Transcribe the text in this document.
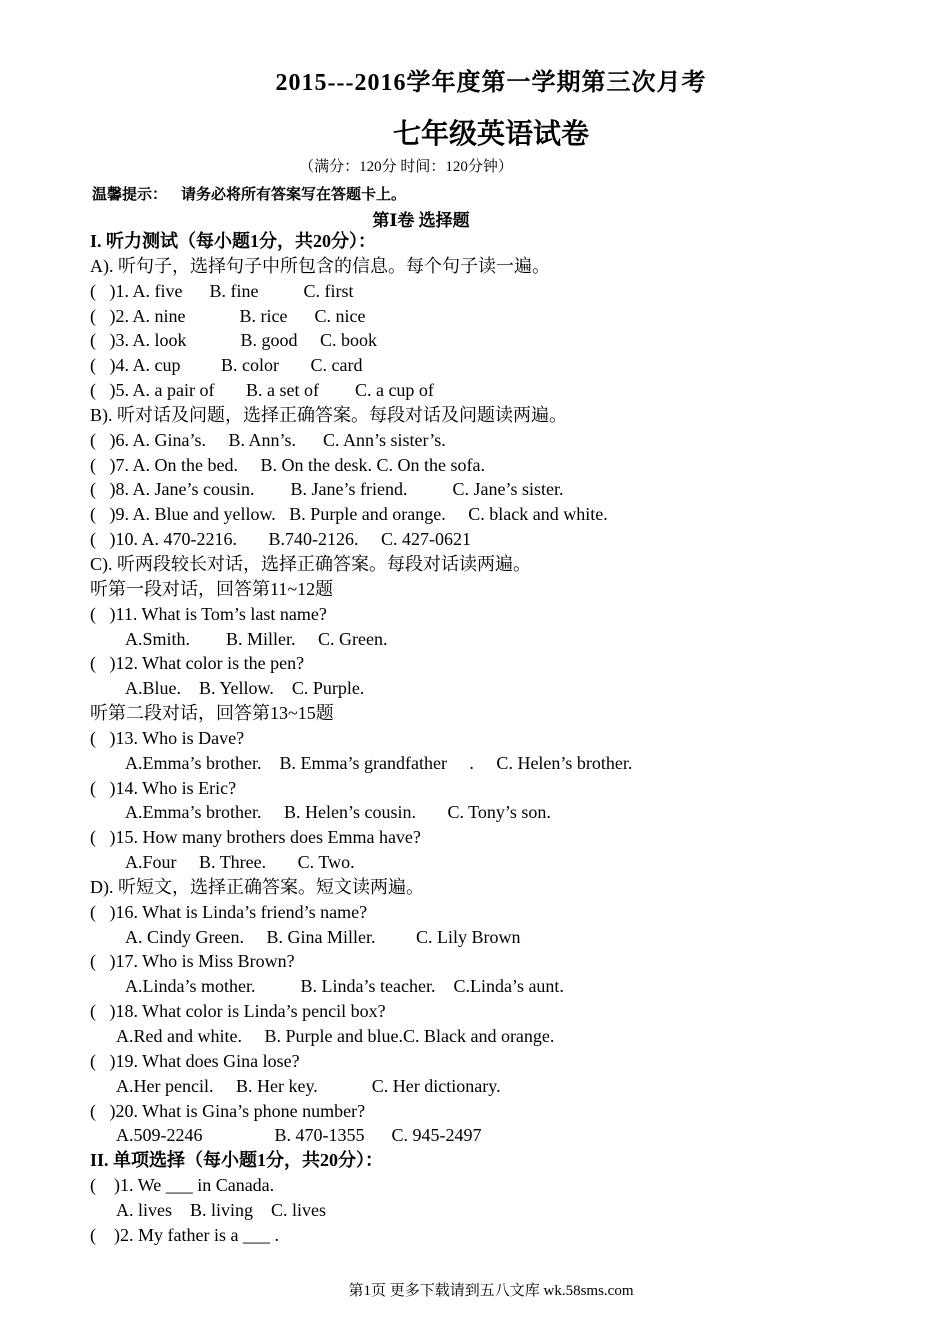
2015---2016学年度第一学期第三次月考
七年级英语试卷
（满分：120分 时间：120分钟）
温馨提示： 请务必将所有答案写在答题卡上。
第Ⅰ卷 选择题
I. 听力测试（每小题1分，共20分）：
A). 听句子，选择句子中所包含的信息。每个句子读一遍。
(   )1. A. five      B. fine          C. first
(   )2. A. nine            B. rice      C. nice
(   )3. A. look            B. good     C. book
(   )4. A. cup         B. color       C. card
(   )5. A. a pair of       B. a set of        C. a cup of
B). 听对话及问题，选择正确答案。每段对话及问题读两遍。
(   )6. A. Gina’s.     B. Ann’s.      C. Ann’s sister’s.
(   )7. A. On the bed.     B. On the desk. C. On the sofa.
(   )8. A. Jane’s cousin.        B. Jane’s friend.          C. Jane’s sister.
(   )9. A. Blue and yellow.   B. Purple and orange.     C. black and white.
(   )10. A. 470-2216.       B.740-2126.     C. 427-0621
C). 听两段较长对话，选择正确答案。每段对话读两遍。
听第一段对话，回答第11~12题
(   )11. What is Tom’s last name?
A.Smith.        B. Miller.     C. Green.
(   )12. What color is the pen?
A.Blue.    B. Yellow.    C. Purple.
听第二段对话，回答第13~15题
(   )13. Who is Dave?
A.Emma’s brother.    B. Emma’s grandfather     .     C. Helen’s brother.
(   )14. Who is Eric?
A.Emma’s brother.     B. Helen’s cousin.       C. Tony’s son.
(   )15. How many brothers does Emma have?
A.Four     B. Three.       C. Two.
D). 听短文，选择正确答案。短文读两遍。
(   )16. What is Linda’s friend’s name?
A. Cindy Green.     B. Gina Miller.         C. Lily Brown
(   )17. Who is Miss Brown?
A.Linda’s mother.          B. Linda’s teacher.    C.Linda’s aunt.
(   )18. What color is Linda’s pencil box?
A.Red and white.     B. Purple and blue.C. Black and orange.
(   )19. What does Gina lose?
A.Her pencil.     B. Her key.            C. Her dictionary.
(   )20. What is Gina’s phone number?
A.509-2246                B. 470-1355      C. 945-2497
II. 单项选择（每小题1分，共20分）：
(    )1. We ___ in Canada.
A. lives    B. living    C. lives
(    )2. My father is a ___ .
第1页 更多下载请到五八文库 wk.58sms.com
